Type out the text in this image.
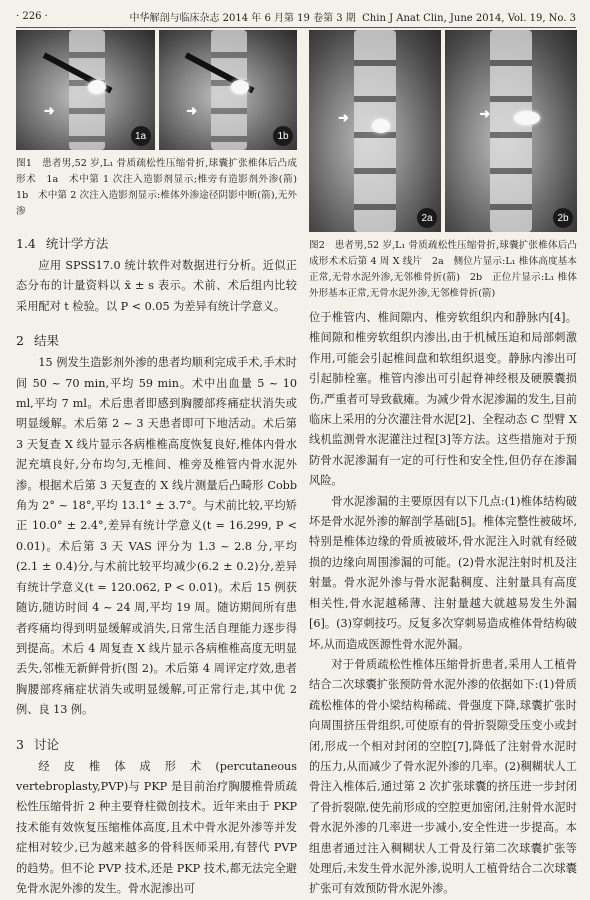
· 226 ·	中华解剖与临床杂志 2014 年 6 月第 19 卷第 3 期 Chin J Anat Clin, June 2014, Vol. 19, No. 3
➜
1a
➜
1b
图1　患者男,52 岁,L₁ 骨质疏松性压缩骨折,球囊扩张椎体后凸成形术　1a　术中第 1 次注入造影剂显示;椎旁有造影剂外渗(箭)　1b　术中第 2 次注入造影剂显示:椎体外渗途径阴影中断(箭),无外渗
1.4 统计学方法

应用 SPSS17.0 统计软件对数据进行分析。近似正态分布的计量资料以 x̄ ± s 表示。术前、术后组内比较采用配对 t 检验。以 P < 0.05 为差异有统计学意义。

2 结果

15 例发生造影剂外渗的患者均顺利完成手术,手术时间 50 ~ 70 min,平均 59 min。术中出血量 5 ~ 10 ml,平均 7 ml。术后患者即感到胸腰部疼痛症状消失或明显缓解。术后第 2 ~ 3 天患者即可下地活动。术后第 3 天复查 X 线片显示各病椎椎高度恢复良好,椎体内骨水泥充填良好,分布均匀,无椎间、椎旁及椎管内骨水泥外渗。根据术后第 3 天复查的 X 线片测量后凸畸形 Cobb 角为 2° ~ 18°,平均 13.1° ± 3.7°。与术前比较,平均矫正 10.0° ± 2.4°,差异有统计学意义(t = 16.299, P < 0.01)。术后第 3 天 VAS 评分为 1.3 ~ 2.8 分,平均(2.1 ± 0.4)分,与术前比较平均减少(6.2 ± 0.2)分,差异有统计学意义(t = 120.062, P < 0.01)。术后 15 例获随访,随访时间 4 ~ 24 周,平均 19 周。随访期间所有患者疼痛均得到明显缓解或消失,日常生活自理能力逐步得到提高。术后 4 周复查 X 线片显示各病椎椎高度无明显丢失,邻椎无新鲜骨折(图 2)。术后第 4 周评定疗效,患者胸腰部疼痛症状消失或明显缓解,可正常行走,其中优 2 例、良 13 例。

3 讨论

经皮椎体成形术(percutaneous vertebroplasty,PVP)与 PKP 是目前治疗胸腰椎骨质疏松性压缩骨折 2 种主要脊柱微创技术。近年来由于 PKP 技术能有效恢复压缩椎体高度,且术中骨水泥外渗等并发症相对较少,已为越来越多的骨科医师采用,有替代 PVP 的趋势。但不论 PVP 技术,还是 PKP 技术,都无法完全避免骨水泥外渗的发生。骨水泥渗出可

➜
2a
➜
2b
图2　患者男,52 岁,L₁ 骨质疏松性压缩骨折,球囊扩张椎体后凸成形术术后第 4 周 X 线片　2a　侧位片显示:L₁ 椎体高度基本正常,无骨水泥外渗,无邻椎骨折(箭)　2b　正位片显示:L₁ 椎体外形基本正常,无骨水泥外渗,无邻椎骨折(箭)

位于椎管内、椎间隙内、椎旁软组织内和静脉内[4]。椎间隙和椎旁软组织内渗出,由于机械压迫和局部刺激作用,可能会引起椎间盘和软组织退变。静脉内渗出可引起肺栓塞。椎管内渗出可引起脊神经根及硬膜囊损伤,严重者可导致截瘫。为减少骨水泥渗漏的发生,目前临床上采用的分次灌注骨水泥[2]、全程动态 C 型臂 X 线机监测骨水泥灌注过程[3]等方法。这些措施对于预防骨水泥渗漏有一定的可行性和安全性,但仍存在渗漏风险。

骨水泥渗漏的主要原因有以下几点:(1)椎体结构破坏是骨水泥外渗的解剖学基础[5]。椎体完整性被破坏,特别是椎体边缘的骨质被破坏,骨水泥注入时就有经破损的边缘向周围渗漏的可能。(2)骨水泥注射时机及注射量。骨水泥外渗与骨水泥黏稠度、注射量具有高度相关性,骨水泥越稀薄、注射量越大就越易发生外漏[6]。(3)穿刺技巧。反复多次穿刺易造成椎体骨结构破坏,从而造成医源性骨水泥外漏。

对于骨质疏松性椎体压缩骨折患者,采用人工植骨结合二次球囊扩张预防骨水泥外渗的依据如下:(1)骨质疏松椎体的骨小梁结构稀疏、骨强度下降,球囊扩张时向周围挤压骨组织,可使原有的骨折裂隙受压变小或封闭,形成一个相对封闭的空腔[7],降低了注射骨水泥时的压力,从而减少了骨水泥外渗的几率。(2)稠糊状人工骨注入椎体后,通过第 2 次扩张球囊的挤压进一步封闭了骨折裂隙,使先前形成的空腔更加密闭,注射骨水泥时骨水泥外渗的几率进一步减小,安全性进一步提高。本组患者通过注入稠糊状人工骨及行第二次球囊扩张等处理后,未发生骨水泥外渗,说明人工植骨结合二次球囊扩张可有效预防骨水泥外渗。
